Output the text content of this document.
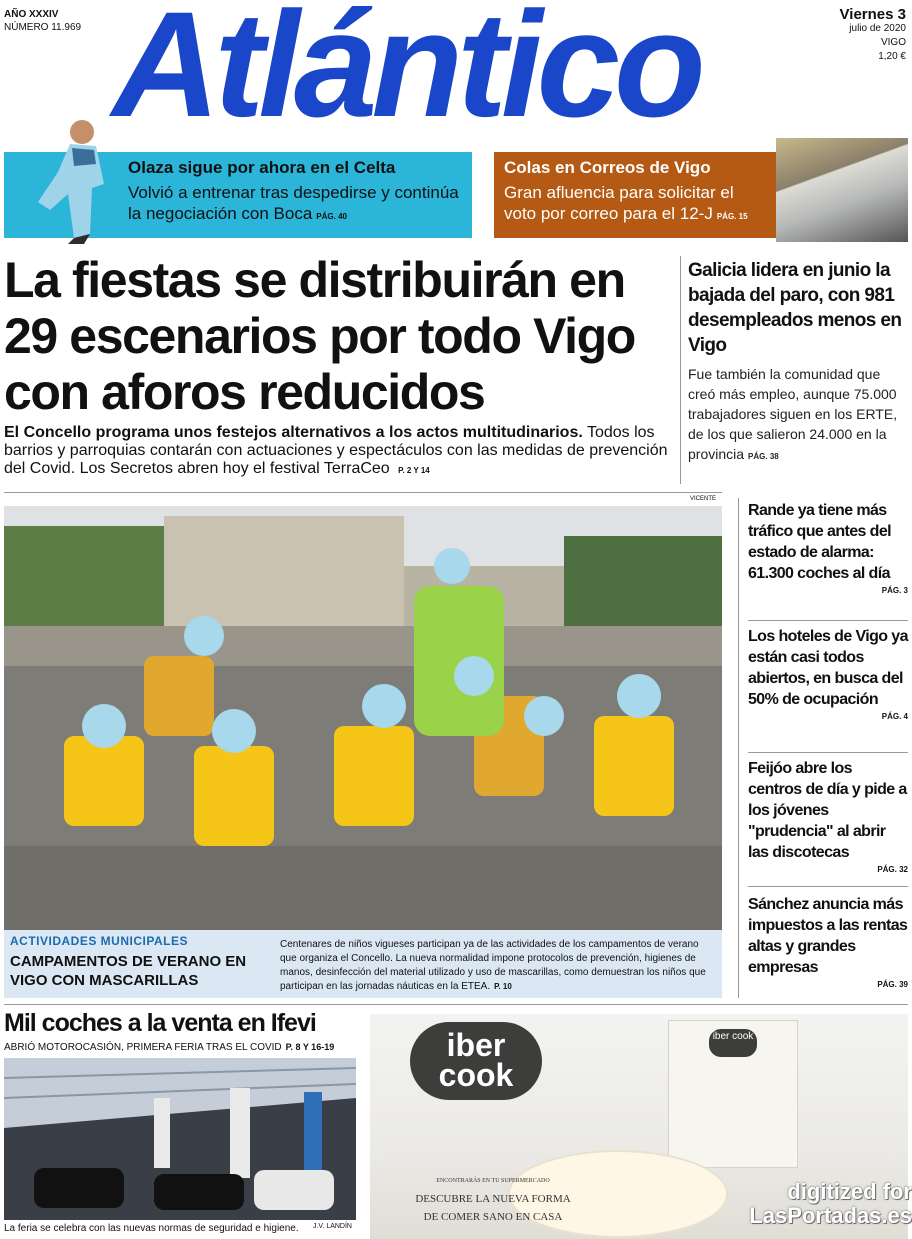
AÑO XXXIV
NÚMERO 11.969 Atlántico	Viernes 3
julio de 2020
VIGO
1,20 €
Olaza sigue por ahora en el Celta
Volvió a entrenar tras despedirse y continúa la negociación con Boca PÁG. 40
Colas en Correos de Vigo
Gran afluencia para solicitar el voto por correo para el 12-J PÁG. 15
La fiestas se distribuirán en 29 escenarios por todo Vigo con aforos reducidos
El Concello programa unos festejos alternativos a los actos multitudinarios. Todos los barrios y parroquias contarán con actuaciones y espectáculos con las medidas de prevención del Covid. Los Secretos abren hoy el festival TerraCeo P. 2 Y 14
Galicia lidera en junio la bajada del paro, con 981 desempleados menos en Vigo
Fue también la comunidad que creó más empleo, aunque 75.000 trabajadores siguen en los ERTE, de los que salieron 24.000 en la provincia PÁG. 38
VICENTE
ACTIVIDADES MUNICIPALES
CAMPAMENTOS DE VERANO EN VIGO CON MASCARILLAS
Centenares de niños vigueses participan ya de las actividades de los campamentos de verano que organiza el Concello. La nueva normalidad impone protocolos de prevención, higienes de manos, desinfección del material utilizado y uso de mascarillas, como demuestran los niños que participan en las jornadas náuticas en la ETEA. P. 10
Rande ya tiene más tráfico que antes del estado de alarma: 61.300 coches al día
PÁG. 3
Los hoteles de Vigo ya están casi todos abiertos, en busca del 50% de ocupación
PÁG. 4
Feijóo abre los centros de día y pide a los jóvenes "prudencia" al abrir las discotecas
PÁG. 32
Sánchez anuncia más impuestos a las rentas altas y grandes empresas
PÁG. 39
Mil coches a la venta en Ifevi
ABRIÓ MOTOROCASIÓN, PRIMERA FERIA TRAS EL COVID P. 8 Y 16-19
La feria se celebra con las nuevas normas de seguridad e higiene. J.V. LANDÍN
iber
cook
iber cook
ENCONTRARÁS EN TU SUPERMERCADO
DESCUBRE LA NUEVA FORMA
DE COMER SANO EN CASA
digitized for
LasPortadas.es
